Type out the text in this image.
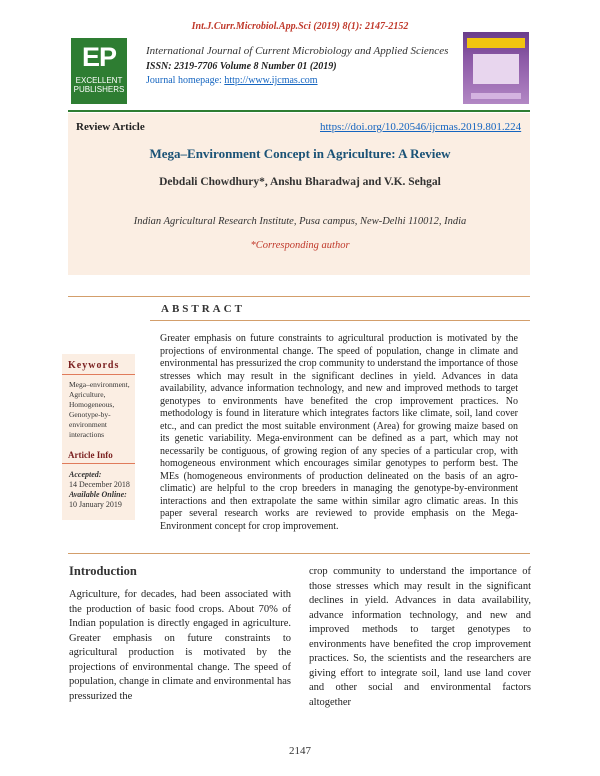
Int.J.Curr.Microbiol.App.Sci (2019) 8(1): 2147-2152
EP
EXCELLENT
PUBLISHERS
International Journal of Current Microbiology and Applied Sciences
ISSN: 2319-7706 Volume 8 Number 01 (2019)
Journal homepage: http://www.ijcmas.com
Review Article	https://doi.org/10.20546/ijcmas.2019.801.224
Mega–Environment Concept in Agriculture: A Review
Debdali Chowdhury*, Anshu Bharadwaj and V.K. Sehgal
Indian Agricultural Research Institute, Pusa campus, New-Delhi 110012, India
*Corresponding author
ABSTRACT
Greater emphasis on future constraints to agricultural production is motivated by the projections of environmental change. The speed of population, change in climate and environmental has pressurized the crop community to understand the importance of those stresses which may result in the significant declines in yield. Advances in data availability, advance information technology, and new and improved methods to target genotypes to environments have benefited the crop improvement practices. No methodology is found in literature which integrates factors like climate, soil, land cover etc., and can predict the most suitable environment (Area) for growing maize based on its genetic variability. Mega-environment can be defined as a part, which may not necessarily be contiguous, of growing region of any species of a particular crop, with homogeneous environment which encourages similar genotypes to perform best. The MEs (homogeneous environments of production delineated on the basis of an agro-climatic) are helpful to the crop breeders in managing the genotype-by-environment interactions and then extrapolate the same within similar agro climatic areas. In this paper several research works are reviewed to provide emphasis on the Mega-Environment concept for crop improvement.
Keywords
Mega–environment,
Agriculture,
Homogeneous,
Genotype-by-
environment
interactions
Article Info
Accepted:
14 December 2018
Available Online:
10 January 2019
Introduction
Agriculture, for decades, had been associated with the production of basic food crops. About 70% of Indian population is directly engaged in agriculture. Greater emphasis on future constraints to agricultural production is motivated by the projections of environmental change. The speed of population, change in climate and environmental has pressurized the
crop community to understand the importance of those stresses which may result in the significant declines in yield. Advances in data availability, advance information technology, and new and improved methods to target genotypes to environments have benefited the crop improvement practices. So, the scientists and the researchers are giving effort to integrate soil, land use land cover and other social and environmental factors altogether
2147
